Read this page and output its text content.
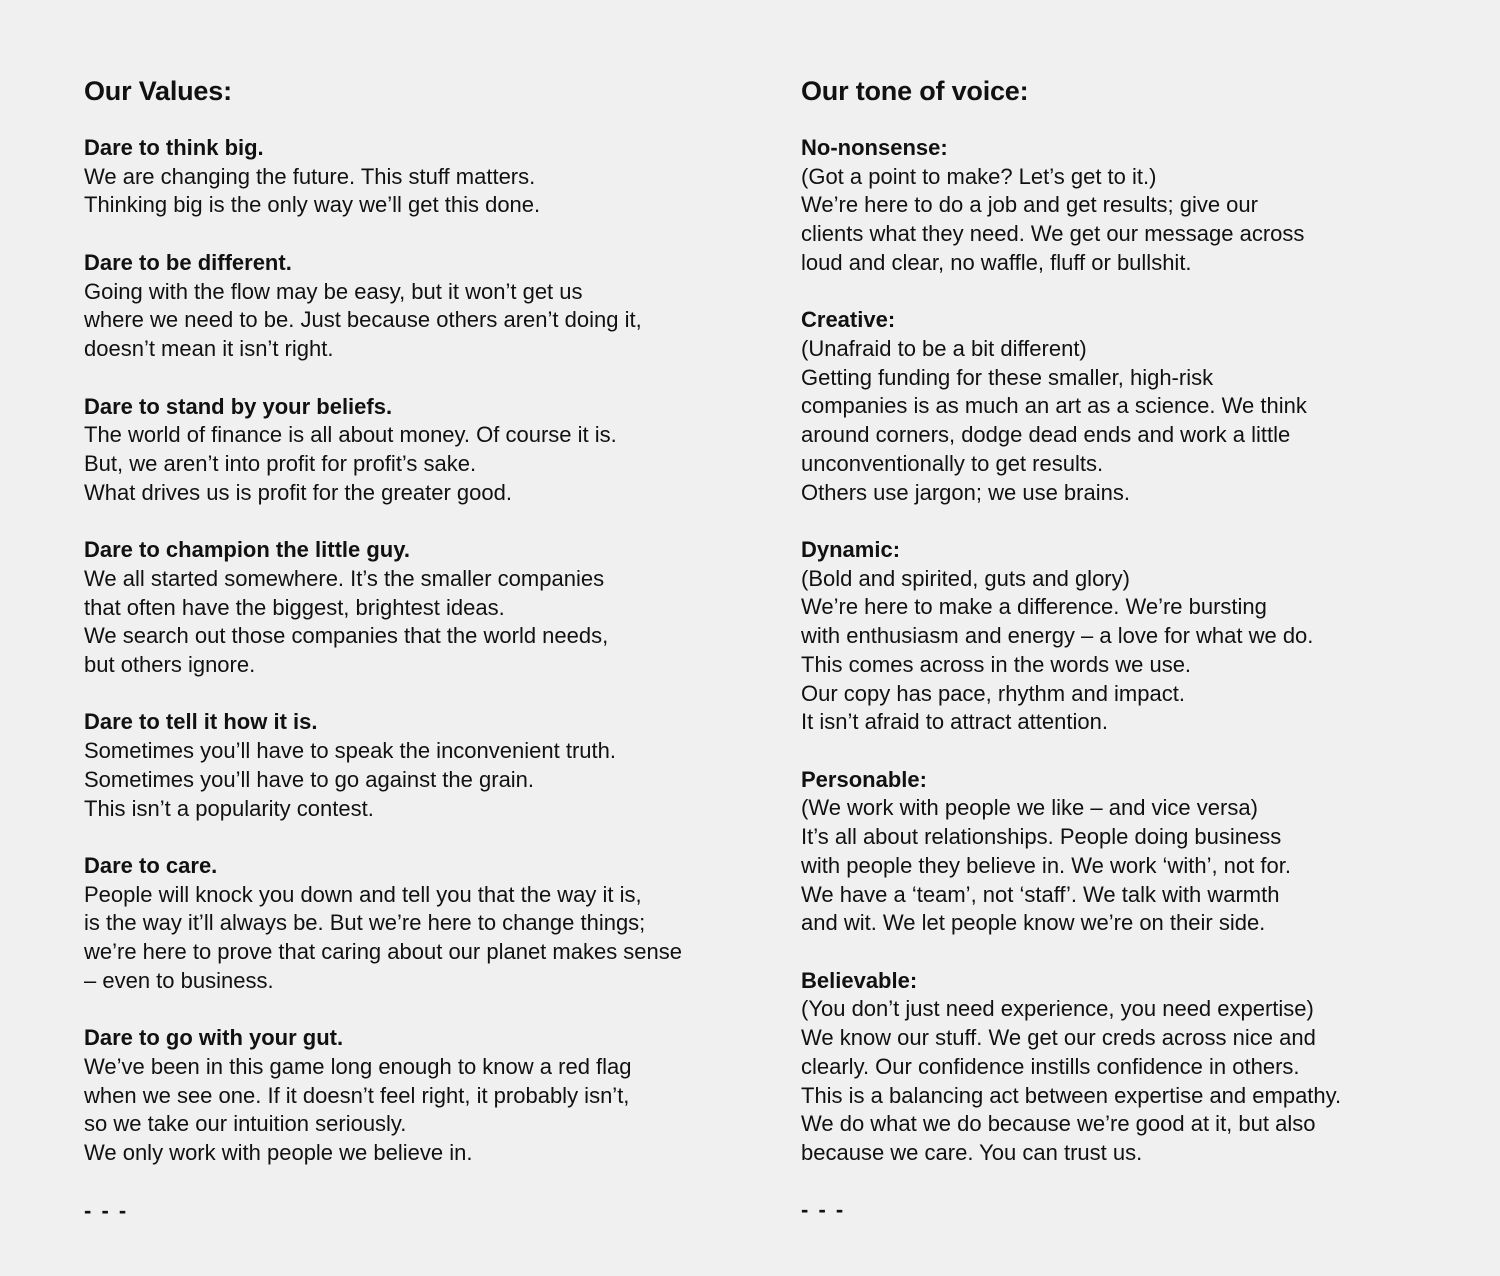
Our Values:
Dare to think big.
We are changing the future. This stuff matters.
Thinking big is the only way we’ll get this done.
Dare to be different.
Going with the flow may be easy, but it won’t get us
where we need to be. Just because others aren’t doing it,
doesn’t mean it isn’t right.
Dare to stand by your beliefs.
The world of finance is all about money. Of course it is.
But, we aren’t into profit for profit’s sake.
What drives us is profit for the greater good.
Dare to champion the little guy.
We all started somewhere. It’s the smaller companies
that often have the biggest, brightest ideas.
We search out those companies that the world needs,
but others ignore.
Dare to tell it how it is.
Sometimes you’ll have to speak the inconvenient truth.
Sometimes you’ll have to go against the grain.
This isn’t a popularity contest.
Dare to care.
People will knock you down and tell you that the way it is,
is the way it’ll always be. But we’re here to change things;
we’re here to prove that caring about our planet makes sense
– even to business.
Dare to go with your gut.
We’ve been in this game long enough to know a red flag
when we see one. If it doesn’t feel right, it probably isn’t,
so we take our intuition seriously.
We only work with people we believe in.
- - -
Our tone of voice:
No-nonsense:
(Got a point to make? Let’s get to it.)
We’re here to do a job and get results; give our
clients what they need. We get our message across
loud and clear, no waffle, fluff or bullshit.
Creative:
(Unafraid to be a bit different)
Getting funding for these smaller, high-risk
companies is as much an art as a science. We think
around corners, dodge dead ends and work a little
unconventionally to get results.
Others use jargon; we use brains.
Dynamic:
(Bold and spirited, guts and glory)
We’re here to make a difference. We’re bursting
with enthusiasm and energy – a love for what we do.
This comes across in the words we use.
Our copy has pace, rhythm and impact.
It isn’t afraid to attract attention.
Personable:
(We work with people we like – and vice versa)
It’s all about relationships. People doing business
with people they believe in. We work ‘with’, not for.
We have a ‘team’, not ‘staff’. We talk with warmth
and wit. We let people know we’re on their side.
Believable:
(You don’t just need experience, you need expertise)
We know our stuff. We get our creds across nice and
clearly. Our confidence instills confidence in others.
This is a balancing act between expertise and empathy.
We do what we do because we’re good at it, but also
because we care. You can trust us.
- - -
